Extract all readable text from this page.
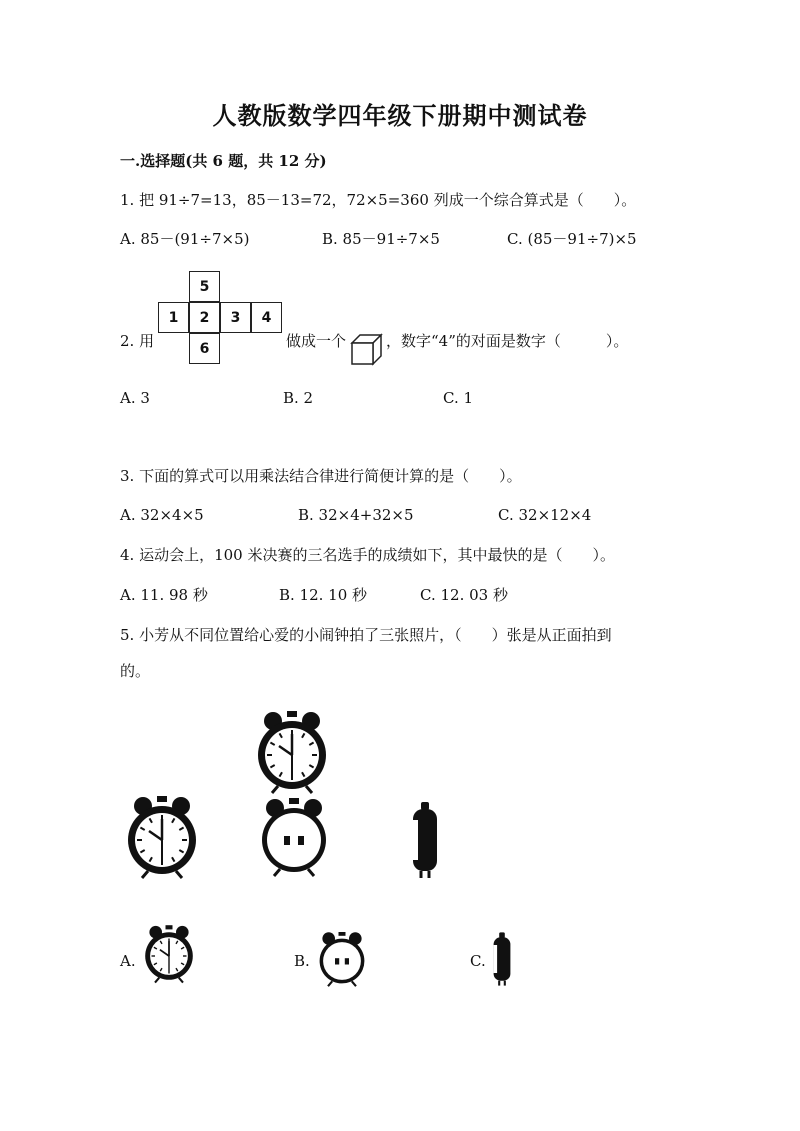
人教版数学四年级下册期中测试卷
一.选择题(共 6 题，共 12 分)
1. 把 91÷7=13，85－13=72，72×5=360 列成一个综合算式是（　　）。
A. 85－(91÷7×5)	B. 85－91÷7×5	C. (85－91÷7)×5
2. 用
5
1	2	3	4
6	做成一个	，数字“4”的对面是数字（　　　）。
A. 3	B. 2	C. 1
3. 下面的算式可以用乘法结合律进行简便计算的是（　　）。
A. 32×4×5	B. 32×4+32×5	C. 32×12×4
4. 运动会上，100 米决赛的三名选手的成绩如下，其中最快的是（　　）。
A. 11. 98 秒	B. 12. 10 秒	C. 12. 03 秒
5. 小芳从不同位置给心爱的小闹钟拍了三张照片，（　　）张是从正面拍到
的。
A.	B.	C.
